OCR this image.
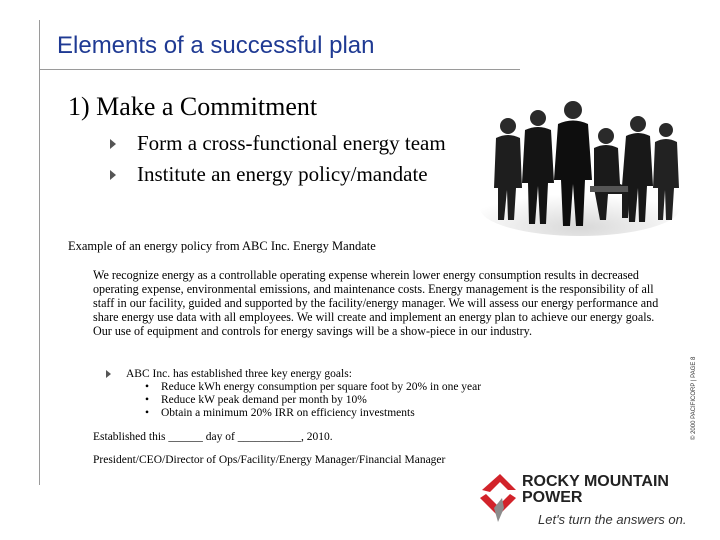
Elements of a successful plan
1) Make a Commitment
Form a cross-functional energy team
Institute an energy policy/mandate
Example of an energy policy from ABC Inc. Energy Mandate
We recognize energy as a controllable operating expense wherein lower energy consumption results in decreased operating expense, environmental emissions, and maintenance costs. Energy management is the responsibility of all staff in our facility, guided and supported by the facility/energy manager. We will assess our energy performance and share energy use data with all employees. We will create and implement an energy plan to achieve our energy goals. Our use of equipment and controls for energy savings will be a show-piece in our industry.
ABC Inc. has established three key energy goals:
• Reduce kWh energy consumption per square foot by 20% in one year
• Reduce kW peak demand per month by 10%
• Obtain a minimum 20% IRR on efficiency investments
Established this ______ day of ___________, 2010.
President/CEO/Director of Ops/Facility/Energy Manager/Financial Manager
© 2000 PACIFICORP | PAGE 8
ROCKY MOUNTAIN
POWER
Let's turn the answers on.
